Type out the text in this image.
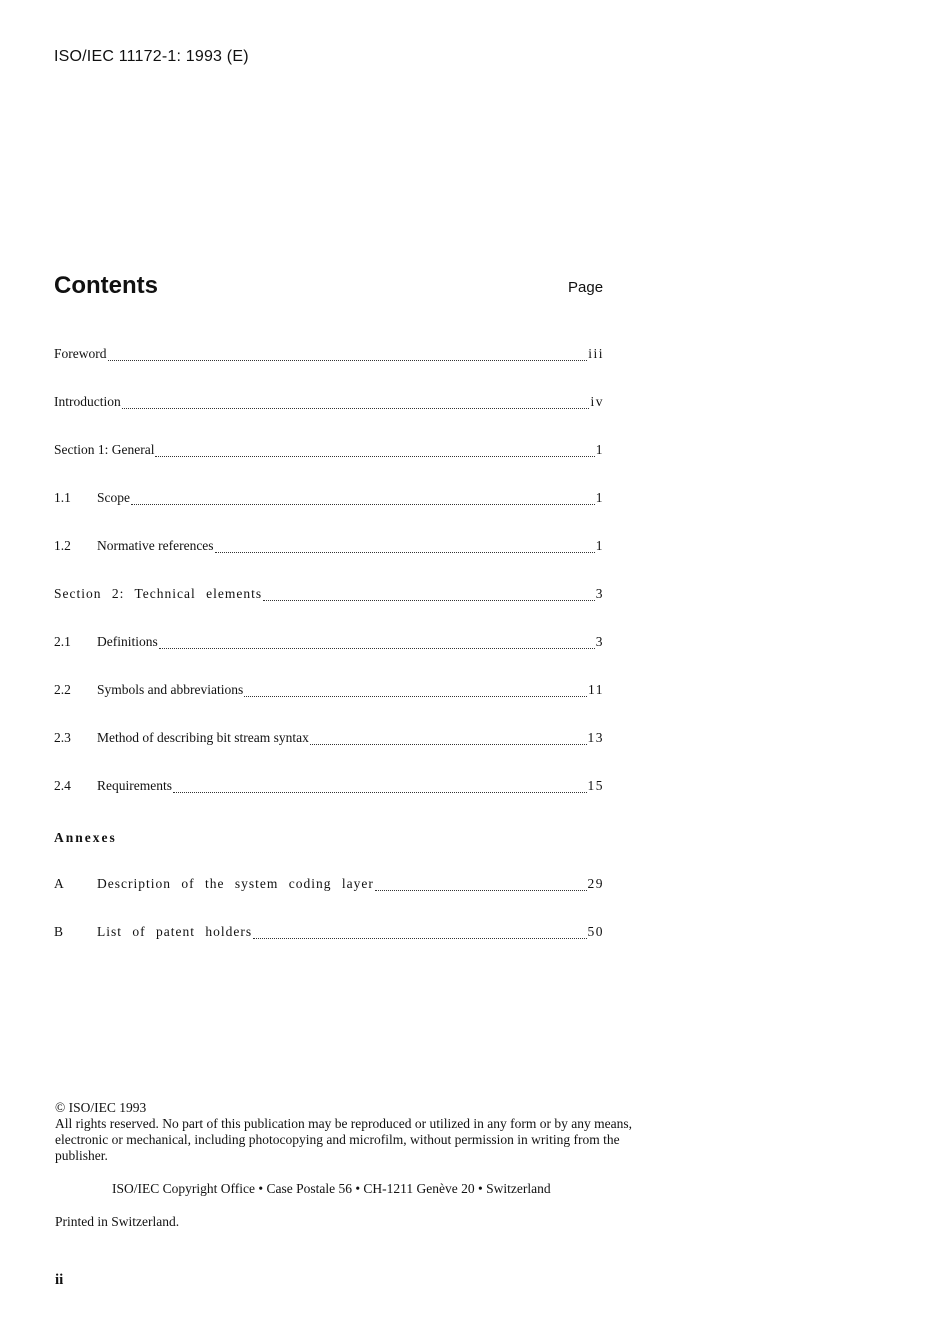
ISO/IEC 11172-1: 1993 (E)
Contents	Page
Foreword	iii
Introduction	iv
Section 1: General	1
1.1	Scope	1
1.2	Normative references	1
Section 2: Technical elements	3
2.1	Definitions	3
2.2	Symbols and abbreviations	11
2.3	Method of describing bit stream syntax	13
2.4	Requirements	15
Annexes
A	Description of the system coding layer	29
B	List of patent holders	50
© ISO/IEC 1993
All rights reserved. No part of this publication may be reproduced or utilized in any form or by any means, electronic or mechanical, including photocopying and microfilm, without permission in writing from the publisher.
ISO/IEC Copyright Office • Case Postale 56 • CH-1211 Genève 20 • Switzerland
Printed in Switzerland.
ii
